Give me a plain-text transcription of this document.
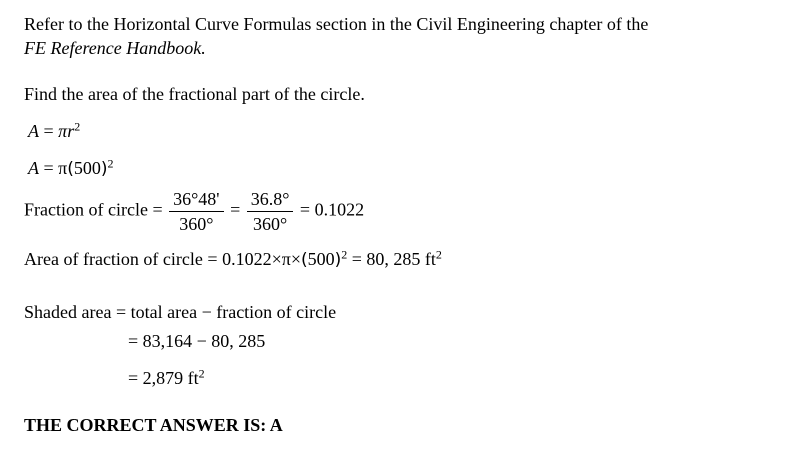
Refer to the Horizontal Curve Formulas section in the Civil Engineering chapter of the
FE Reference Handbook.
Find the area of the fractional part of the circle.
$A = \pi r^2$
$A = \pi(500)^2$
Fraction of circle = $\frac{36^\circ 48'}{360^\circ} = \frac{36.8^\circ}{360^\circ} = 0.1022$
Area of fraction of circle = $0.1022\times\pi\times(500)^2 = 80$, 285 $ft^2$
Shaded area = total area − fraction of circle
= 83,164 − 80, 285
= 2,879 $ft^2$
THE CORRECT ANSWER IS: A
